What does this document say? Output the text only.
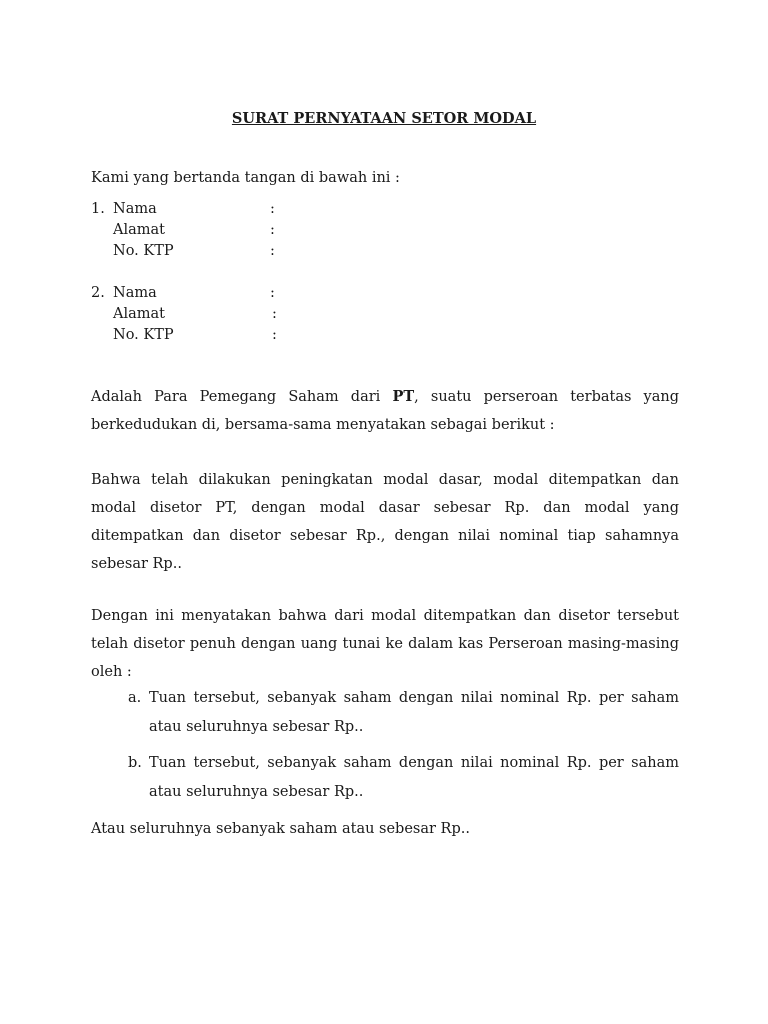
SURAT PERNYATAAN SETOR MODAL
Kami yang bertanda tangan di bawah ini :
1. Nama	:
Alamat	:
No. KTP	:
2. Nama	:
Alamat	:
No. KTP	:
Adalah Para Pemegang Saham dari PT, suatu perseroan terbatas yang berkedudukan di, bersama-sama menyatakan sebagai berikut :
Bahwa telah dilakukan peningkatan modal dasar, modal ditempatkan dan modal disetor PT, dengan modal dasar sebesar Rp. dan modal yang ditempatkan dan disetor sebesar Rp., dengan nilai nominal tiap sahamnya sebesar Rp..
Dengan ini menyatakan bahwa dari modal ditempatkan dan disetor tersebut telah disetor penuh dengan uang tunai ke dalam kas Perseroan masing-masing oleh :
a. Tuan tersebut, sebanyak saham dengan nilai nominal Rp. per saham atau seluruhnya sebesar Rp..
b. Tuan tersebut, sebanyak saham dengan nilai nominal Rp. per saham atau seluruhnya sebesar Rp..
Atau seluruhnya sebanyak saham atau sebesar Rp..
